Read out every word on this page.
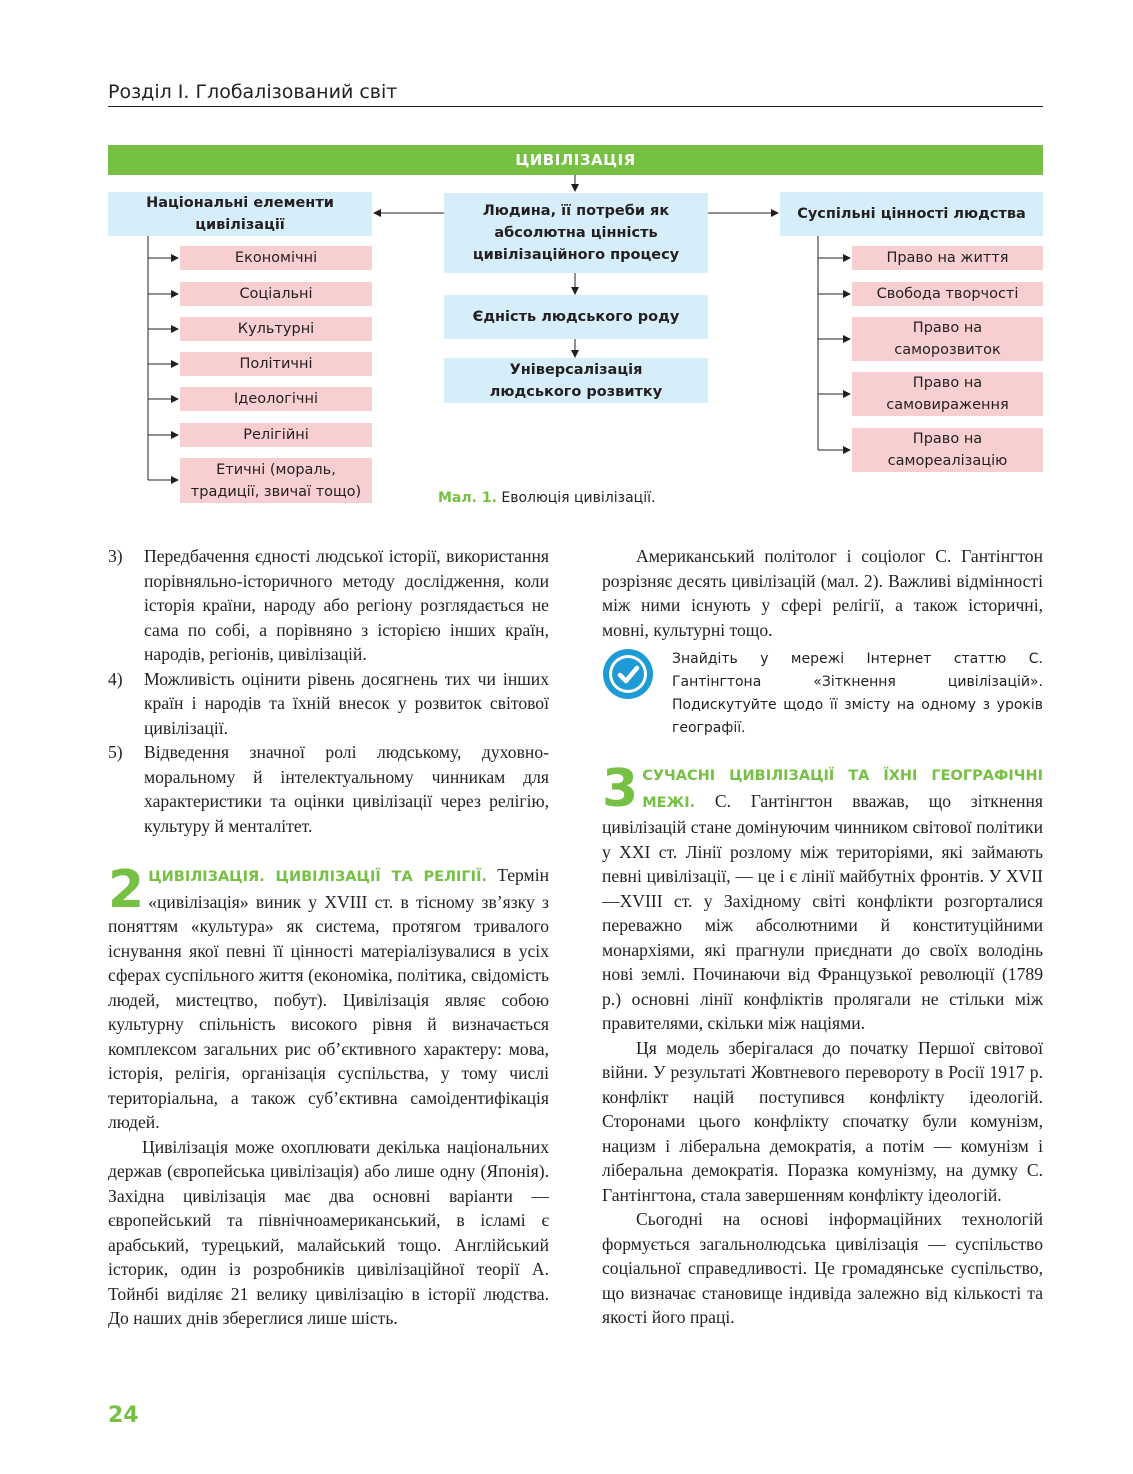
Розділ І. Глобалізований світ
ЦИВІЛІЗАЦІЯ
Національні елементи цивілізації
Людина, її потреби як абсолютна цінність цивілізаційного процесу
Єдність людського роду
Універсалізація людського розвитку
Суспільні цінності людства
Економічні
Соціальні
Культурні
Політичні
Ідеологічні
Релігійні
Етичні (мораль, традиції, звичаї тощо)
Право на життя
Свобода творчості
Право на саморозвиток
Право на самовираження
Право на самореалізацію
Мал. 1. Еволюція цивілізації.
3) Передбачення єдності людської історії, використання порівняльно-історичного методу дослідження, коли історія країни, народу або регіону розглядається не сама по собі, а порівняно з історією інших країн, народів, регіонів, цивілізацій.
4) Можливість оцінити рівень досягнень тих чи інших країн і народів та їхній внесок у розвиток світової цивілізації.
5) Відведення значної ролі людському, духовно-моральному й інтелектуальному чинникам для характеристики та оцінки цивілізації через релігію, культуру й менталітет.
2 ЦИВІЛІЗАЦІЯ. ЦИВІЛІЗАЦІЇ ТА РЕЛІГІЇ. Термін «цивілізація» виник у XVIII ст. в тісному зв’язку з поняттям «культура» як система, протягом тривалого існування якої певні її цінності матеріалізувалися в усіх сферах суспільного життя (економіка, політика, свідомість людей, мистецтво, побут). Цивілізація являє собою культурну спільність високого рівня й визначається комплексом загальних рис об’єктивного характеру: мова, історія, релігія, організація суспільства, у тому числі територіальна, а також суб’єктивна самоідентифікація людей.

Цивілізація може охоплювати декілька національних держав (європейська цивілізація) або лише одну (Японія). Західна цивілізація має два основні варіанти — європейський та північноамериканський, в ісламі є арабський, турецький, малайський тощо. Англійський історик, один із розробників цивілізаційної теорії А. Тойнбі виділяє 21 велику цивілізацію в історії людства. До наших днів збереглися лише шість.

Американський політолог і соціолог С. Гантінгтон розрізняє десять цивілізацій (мал. 2). Важливі відмінності між ними існують у сфері релігії, а також історичні, мовні, культурні тощо.

Знайдіть у мережі Інтернет статтю С. Гантінгтона «Зіткнення цивілізацій». Подискутуйте щодо її змісту на одному з уроків географії.
3 СУЧАСНІ ЦИВІЛІЗАЦІЇ ТА ЇХНІ ГЕОГРАФІЧНІ МЕЖІ. С. Гантінгтон вважав, що зіткнення цивілізацій стане домінуючим чинником світової політики у XXI ст. Лінії розлому між територіями, які займають певні цивілізації, — це і є лінії майбутніх фронтів. У XVII—XVIII ст. у Західному світі конфлікти розгорталися переважно між абсолютними й конституційними монархіями, які прагнули приєднати до своїх володінь нові землі. Починаючи від Французької революції (1789 р.) основні лінії конфліктів пролягали не стільки між правителями, скільки між націями.

Ця модель зберігалася до початку Першої світової війни. У результаті Жовтневого перевороту в Росії 1917 р. конфлікт націй поступився конфлікту ідеологій. Сторонами цього конфлікту спочатку були комунізм, нацизм і ліберальна демократія, а потім — комунізм і ліберальна демократія. Поразка комунізму, на думку С. Гантінгтона, стала завершенням конфлікту ідеологій.

Сьогодні на основі інформаційних технологій формується загальнолюдська цивілізація — суспільство соціальної справедливості. Це громадянське суспільство, що визначає становище індивіда залежно від кількості та якості його праці.

24
